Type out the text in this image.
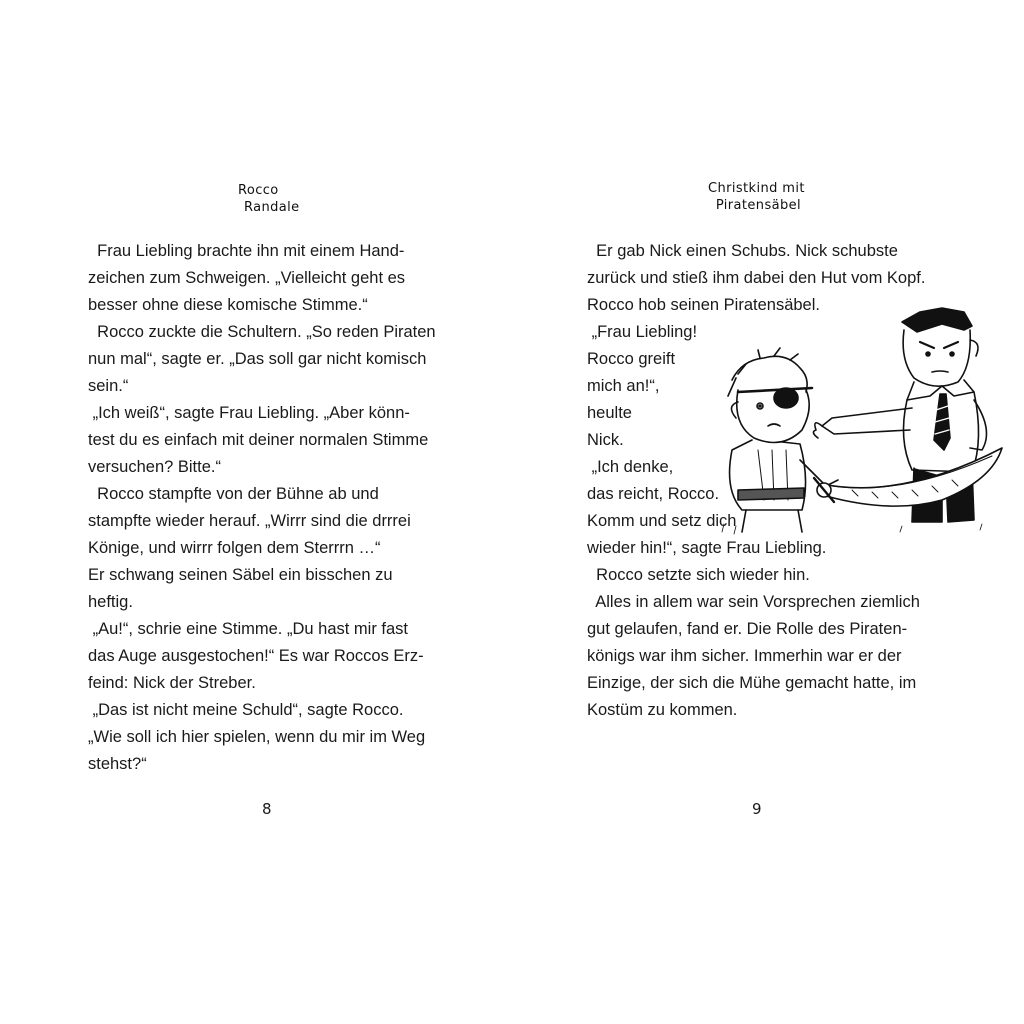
Rocco
Randale
Frau Liebling brachte ihn mit einem Hand-
zeichen zum Schweigen. „Vielleicht geht es
besser ohne diese komische Stimme.“
Rocco zuckte die Schultern. „So reden Piraten
nun mal“, sagte er. „Das soll gar nicht komisch
sein.“
„Ich weiß“, sagte Frau Liebling. „Aber könn-
test du es einfach mit deiner normalen Stimme
versuchen? Bitte.“
Rocco stampfte von der Bühne ab und
stampfte wieder herauf. „Wirrr sind die drrrei
Könige, und wirrr folgen dem Sterrrn …“
Er schwang seinen Säbel ein bisschen zu
heftig.
„Au!“, schrie eine Stimme. „Du hast mir fast
das Auge ausgestochen!“ Es war Roccos Erz-
feind: Nick der Streber.
„Das ist nicht meine Schuld“, sagte Rocco.
„Wie soll ich hier spielen, wenn du mir im Weg
stehst?“
8
Christkind mit
Piratensäbel
Er gab Nick einen Schubs. Nick schubste
zurück und stieß ihm dabei den Hut vom Kopf.
Rocco hob seinen Piratensäbel.
„Frau Liebling!
Rocco greift
mich an!“,
heulte
Nick.
„Ich denke,
das reicht, Rocco.
Komm und setz dich
wieder hin!“, sagte Frau Liebling.
Rocco setzte sich wieder hin.
Alles in allem war sein Vorsprechen ziemlich
gut gelaufen, fand er. Die Rolle des Piraten-
königs war ihm sicher. Immerhin war er der
Einzige, der sich die Mühe gemacht hatte, im
Kostüm zu kommen.
9
